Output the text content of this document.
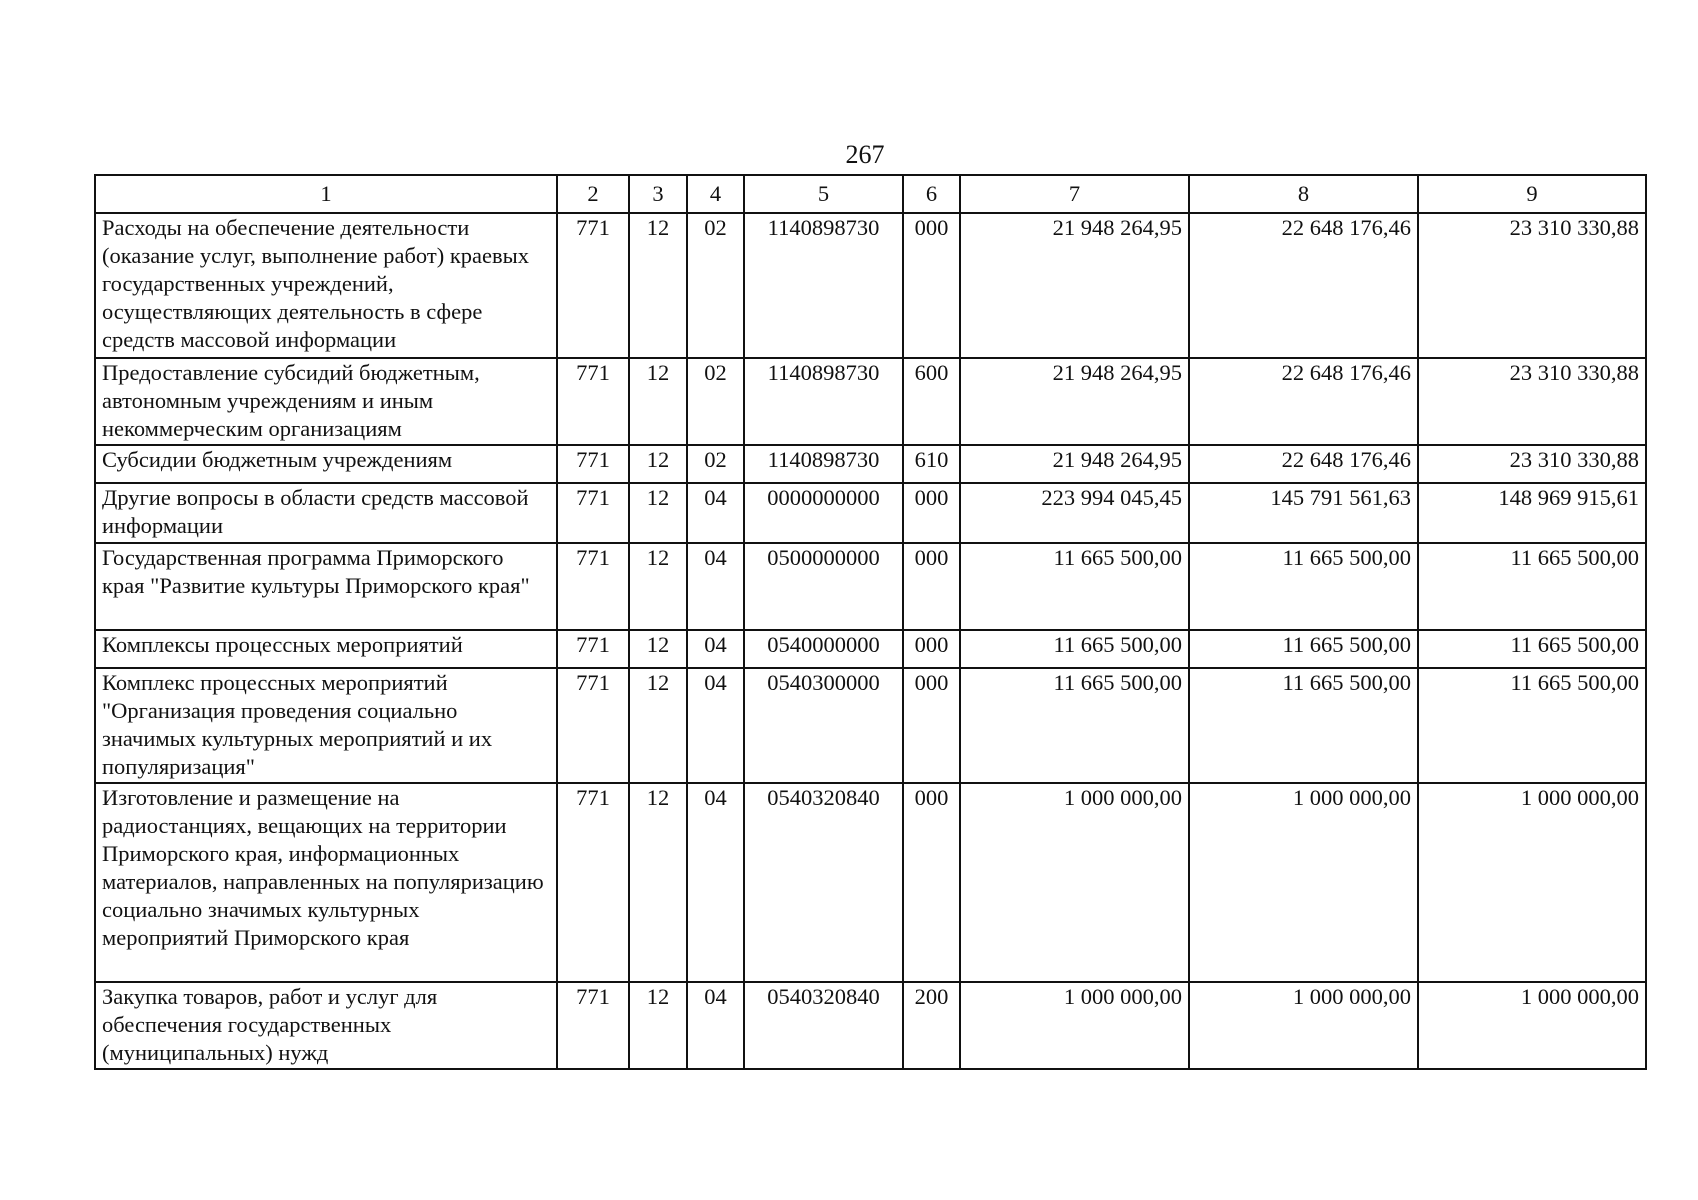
267
1	2	3	4	5	6	7	8	9
Расходы на обеспечение деятельности (оказание услуг, выполнение работ) краевых государственных учреждений, осуществляющих деятельность в сфере средств массовой информации	771	12	02	1140898730	000	21 948 264,95	22 648 176,46	23 310 330,88
Предоставление субсидий бюджетным, автономным учреждениям и иным некоммерческим организациям	771	12	02	1140898730	600	21 948 264,95	22 648 176,46	23 310 330,88
Субсидии бюджетным учреждениям	771	12	02	1140898730	610	21 948 264,95	22 648 176,46	23 310 330,88
Другие вопросы в области средств массовой информации	771	12	04	0000000000	000	223 994 045,45	145 791 561,63	148 969 915,61
Государственная программа Приморского края "Развитие культуры Приморского края"	771	12	04	0500000000	000	11 665 500,00	11 665 500,00	11 665 500,00
Комплексы процессных мероприятий	771	12	04	0540000000	000	11 665 500,00	11 665 500,00	11 665 500,00
Комплекс процессных мероприятий "Организация проведения социально значимых культурных мероприятий и их популяризация"	771	12	04	0540300000	000	11 665 500,00	11 665 500,00	11 665 500,00
Изготовление и размещение на радиостанциях, вещающих на территории Приморского края, информационных материалов, направленных на популяризацию социально значимых культурных мероприятий Приморского края	771	12	04	0540320840	000	1 000 000,00	1 000 000,00	1 000 000,00
Закупка товаров, работ и услуг для обеспечения государственных (муниципальных) нужд	771	12	04	0540320840	200	1 000 000,00	1 000 000,00	1 000 000,00
